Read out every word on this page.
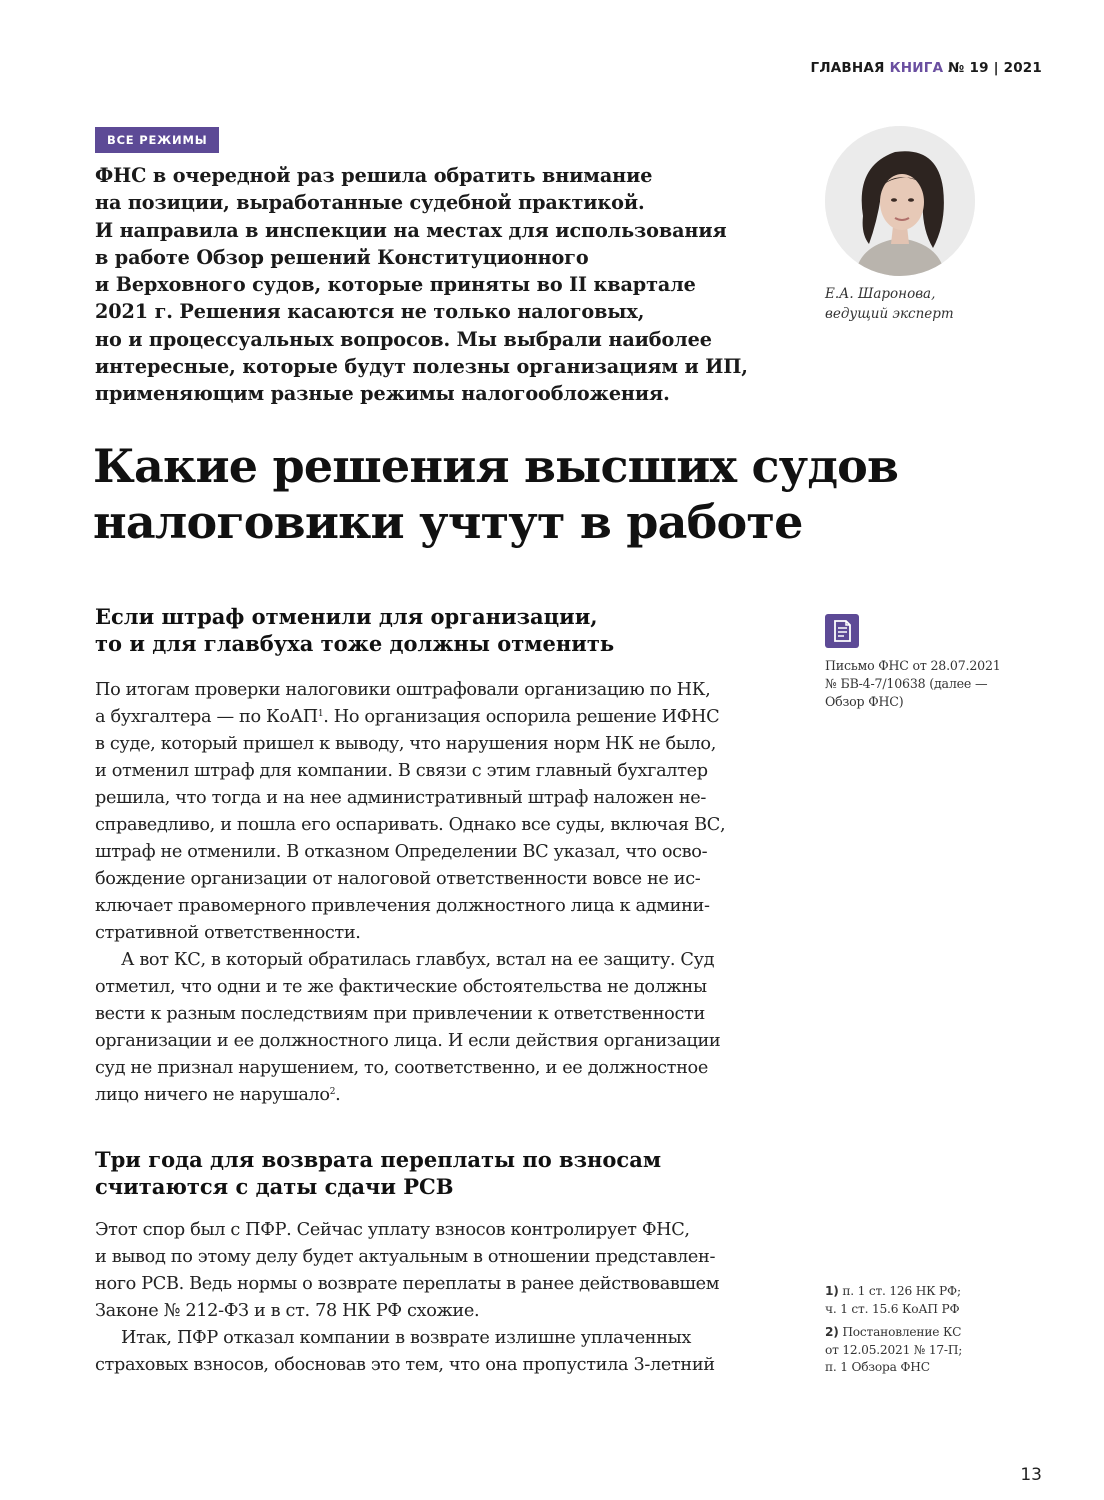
ГЛАВНАЯ КНИГА № 19 | 2021
ВСЕ РЕЖИМЫ
ФНС в очередной раз решила обратить внимание
на позиции, выработанные судебной практикой.
И направила в инспекции на местах для использования
в работе Обзор решений Конституционного
и Верховного судов, которые приняты во II квартале
2021 г. Решения касаются не только налоговых,
но и процессуальных вопросов. Мы выбрали наиболее
интересные, которые будут полезны организациям и ИП,
применяющим разные режимы налогообложения.
Е.А. Шаронова,
ведущий эксперт
Какие решения высших судов
налоговики учтут в работе
Если штраф отменили для организации,
то и для главбуха тоже должны отменить
По итогам проверки налоговики оштрафовали организацию по НК,
а бухгалтера — по КоАП$^1$. Но организация оспорила решение ИФНС
в суде, который пришел к выводу, что нарушения норм НК не было,
и отменил штраф для компании. В связи с этим главный бухгалтер
решила, что тогда и на нее административный штраф наложен не-
справедливо, и пошла его оспаривать. Однако все суды, включая ВС,
штраф не отменили. В отказном Определении ВС указал, что осво-
бождение организации от налоговой ответственности вовсе не ис-
ключает правомерного привлечения должностного лица к админи-
стративной ответственности.
А вот КС, в который обратилась главбух, встал на ее защиту. Суд
отметил, что одни и те же фактические обстоятельства не должны
вести к разным последствиям при привлечении к ответственности
организации и ее должностного лица. И если действия организации
суд не признал нарушением, то, соответственно, и ее должностное
лицо ничего не нарушало$^2$.
Три года для возврата переплаты по взносам
считаются с даты сдачи РСВ
Этот спор был с ПФР. Сейчас уплату взносов контролирует ФНС,
и вывод по этому делу будет актуальным в отношении представлен-
ного РСВ. Ведь нормы о возврате переплаты в ранее действовавшем
Законе № 212-ФЗ и в ст. 78 НК РФ схожие.
Итак, ПФР отказал компании в возврате излишне уплаченных
страховых взносов, обосновав это тем, что она пропустила 3-летний
Письмо ФНС от 28.07.2021
№ БВ-4-7/10638 (далее —
Обзор ФНС)
1) п. 1 ст. 126 НК РФ;
ч. 1 ст. 15.6 КоАП РФ
2) Постановление КС
от 12.05.2021 № 17-П;
п. 1 Обзора ФНС
13
